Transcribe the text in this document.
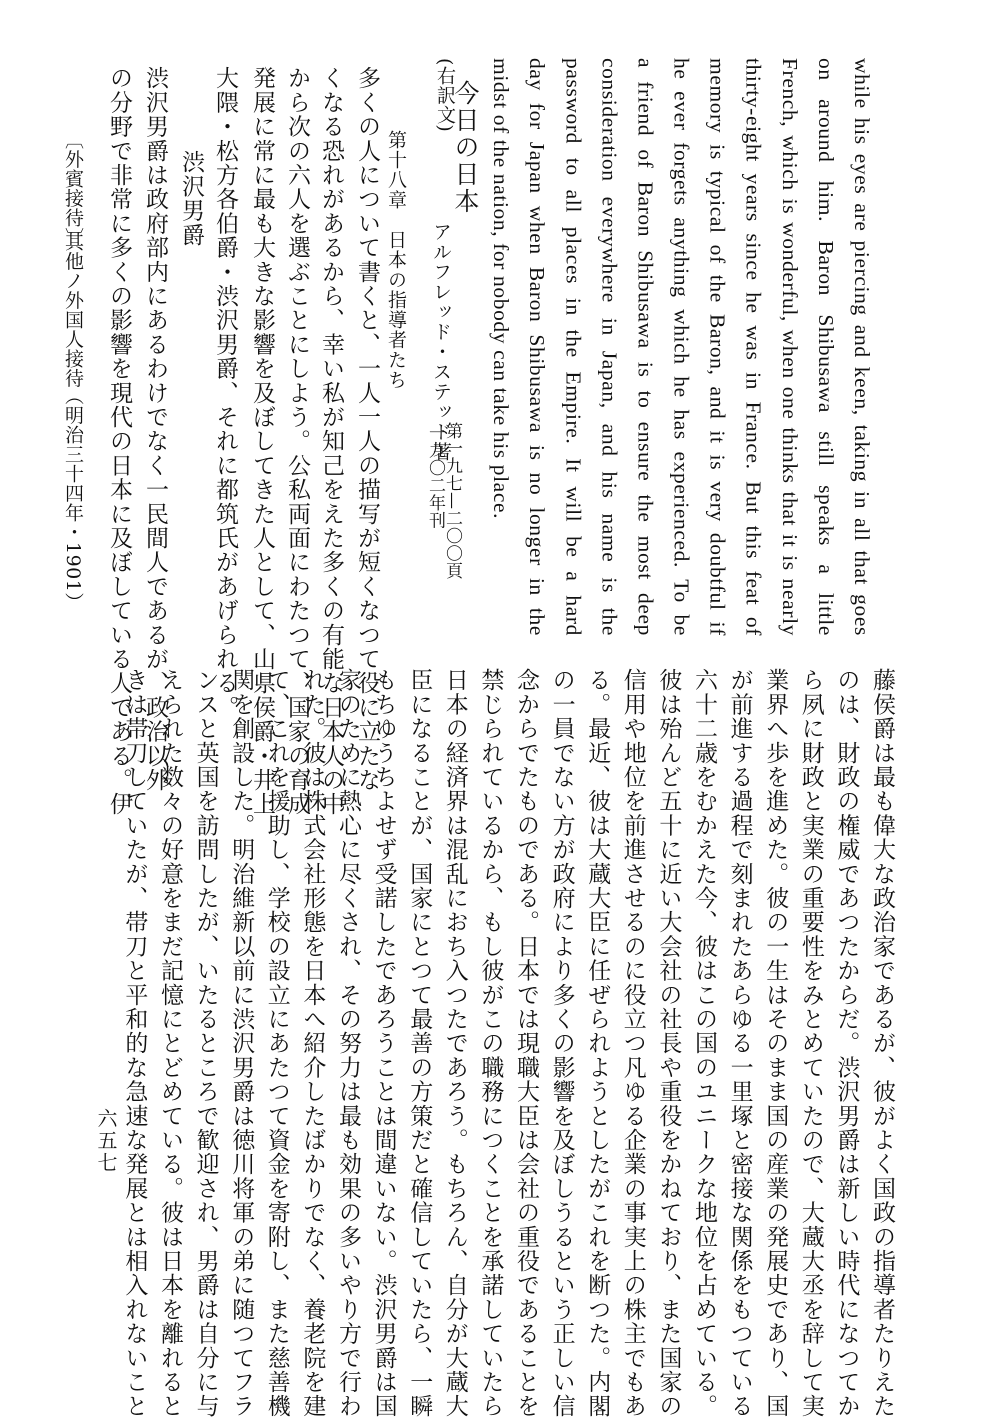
while his eyes are piercing and keen, taking in all that goes
on around him. Baron Shibusawa still speaks a little
French, which is wonderful, when one thinks that it is nearly
thirty-eight years since he was in France. But this feat of
memory is typical of the Baron, and it is very doubtful if
he ever forgets anything which he has experienced. To be
a friend of Baron Shibusawa is to ensure the most deep
consideration everywhere in Japan, and his name is the
password to all places in the Empire. It will be a hard
day for Japan when Baron Shibusawa is no longer in the
midst of the nation, for nobody can take his place.
(右訳文)
今日の日本
アルフレッド・ステッド著
第一九七—二〇〇頁
一九〇二年刊
第十八章　日本の指導者たち
多くの人について書くと、一人一人の描写が短くなつて役に立たな
くなる恐れがあるから、幸い私が知己をえた多くの有能な日本人の中
から次の六人を選ぶことにしよう。公私両面にわたつて、国家の育成
発展に常に最も大きな影響を及ぼしてきた人として、山県侯爵・井上
大隈・松方各伯爵・渋沢男爵、それに都筑氏があげられる。
渋沢男爵
渋沢男爵は政府部内にあるわけでなく一民間人であるが、政治以外
の分野で非常に多くの影響を現代の日本に及ぼしている人である。伊
〔外賓接待〕
其他ノ外国人接待
（明治三十四年・1901）
藤侯爵は最も偉大な政治家であるが、彼がよく国政の指導者たりえた
のは、財政の権威であつたからだ。渋沢男爵は新しい時代になつてか
ら夙に財政と実業の重要性をみとめていたので、大蔵大丞を辞して実
業界へ歩を進めた。彼の一生はそのまま国の産業の発展史であり、国
が前進する過程で刻まれたあらゆる一里塚と密接な関係をもつている
六十二歳をむかえた今、彼はこの国のユニークな地位を占めている。
彼は殆んど五十に近い大会社の社長や重役をかねており、また国家の
信用や地位を前進させるのに役立つ凡ゆる企業の事実上の株主でもあ
る。最近、彼は大蔵大臣に任ぜられようとしたがこれを断つた。内閣
の一員でない方が政府により多くの影響を及ぼしうるという正しい信
念からでたものである。日本では現職大臣は会社の重役であることを
禁じられているから、もし彼がこの職務につくことを承諾していたら
日本の経済界は混乱におち入つたであろう。もちろん、自分が大蔵大
臣になることが、国家にとつて最善の方策だと確信していたら、一瞬
もちゆうちよせず受諾したであろうことは間違いない。渋沢男爵は国
家のために熱心に尽くされ、その努力は最も効果の多いやり方で行わ
れた。彼は株式会社形態を日本へ紹介したばかりでなく、養老院を建
て、これを援助し、学校の設立にあたつて資金を寄附し、また慈善機
関を創設した。明治維新以前に渋沢男爵は徳川将軍の弟に随つてフラ
ンスと英国を訪問したが、いたるところで歓迎され、男爵は自分に与
えられた数々の好意をまだ記憶にとどめている。彼は日本を離れると
きは帯刀していたが、帯刀と平和的な急速な発展とは相入れないこと
六五七
